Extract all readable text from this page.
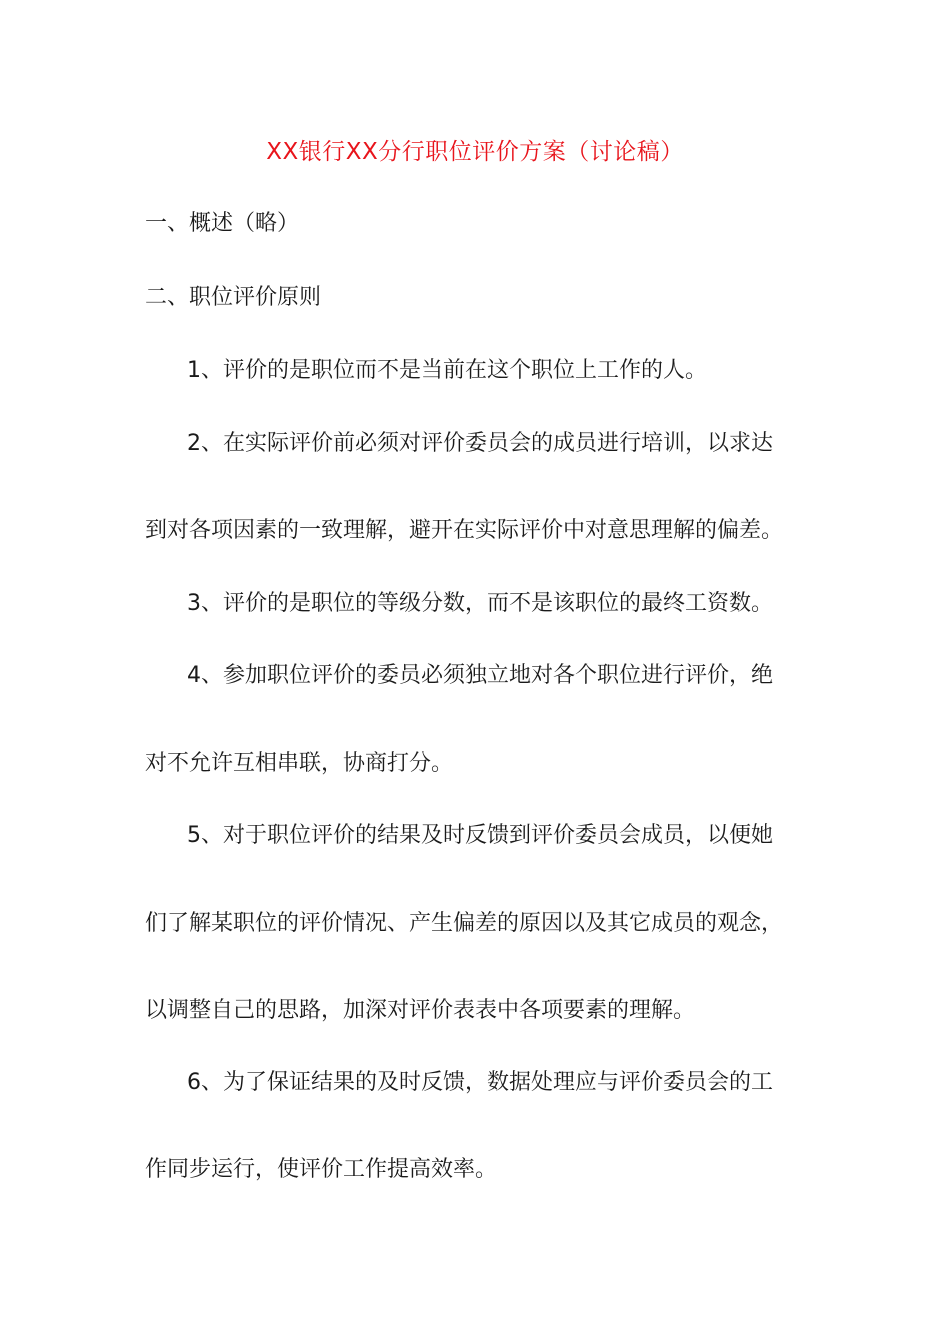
XX银行XX分行职位评价方案（讨论稿）
一、概述（略）
二、职位评价原则
1、评价的是职位而不是当前在这个职位上工作的人。
2、在实际评价前必须对评价委员会的成员进行培训，以求达
到对各项因素的一致理解，避开在实际评价中对意思理解的偏差。
3、评价的是职位的等级分数，而不是该职位的最终工资数。
4、参加职位评价的委员必须独立地对各个职位进行评价，绝
对不允许互相串联，协商打分。
5、对于职位评价的结果及时反馈到评价委员会成员，以便她
们了解某职位的评价情况、产生偏差的原因以及其它成员的观念，
以调整自己的思路，加深对评价表表中各项要素的理解。
6、为了保证结果的及时反馈，数据处理应与评价委员会的工
作同步运行，使评价工作提高效率。
